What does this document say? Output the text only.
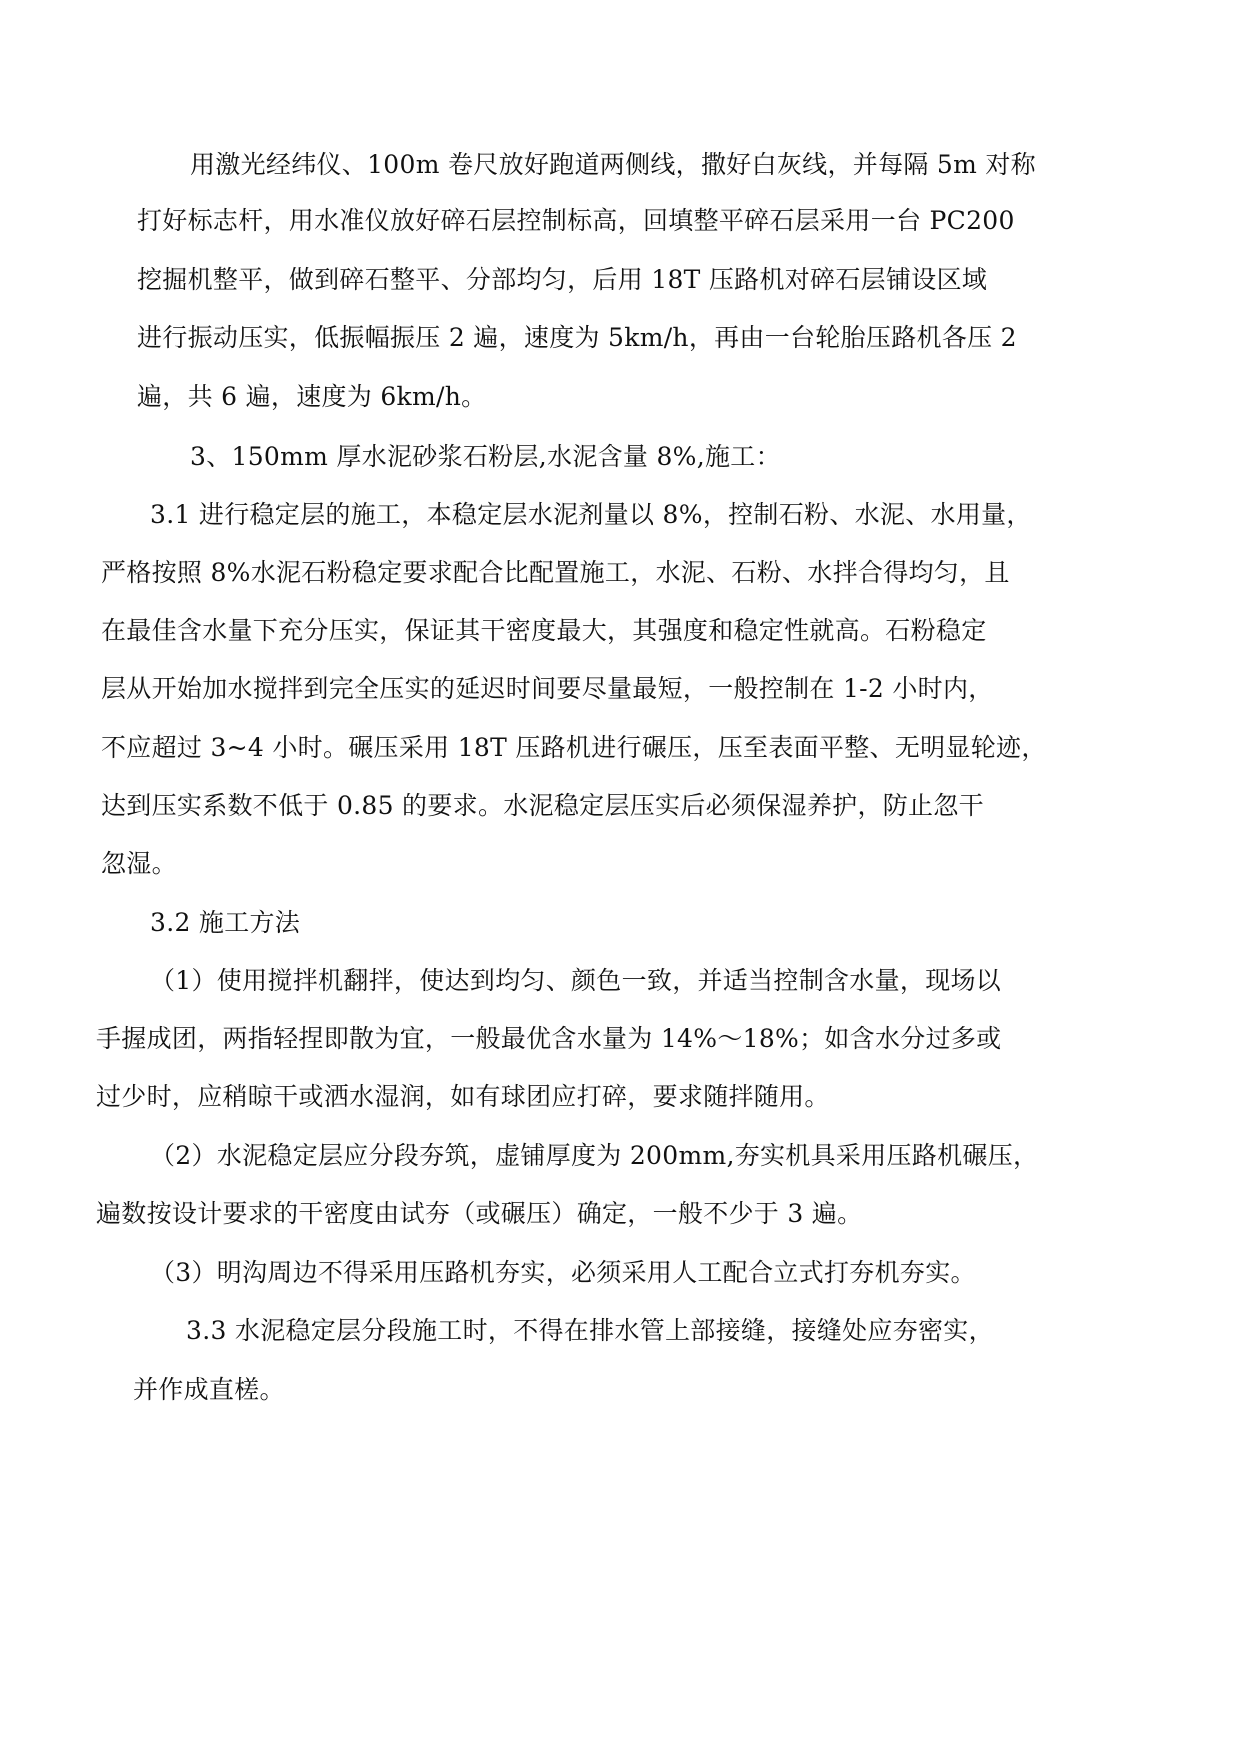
用激光经纬仪、100m 卷尺放好跑道两侧线，撒好白灰线，并每隔 5m 对称
打好标志杆，用水准仪放好碎石层控制标高，回填整平碎石层采用一台 PC200
挖掘机整平，做到碎石整平、分部均匀，后用 18T 压路机对碎石层铺设区域
进行振动压实，低振幅振压 2 遍，速度为 5km/h，再由一台轮胎压路机各压 2
遍，共 6 遍，速度为 6km/h。
3、150mm 厚水泥砂浆石粉层,水泥含量 8%,施工：
3.1 进行稳定层的施工，本稳定层水泥剂量以 8%，控制石粉、水泥、水用量，
严格按照 8%水泥石粉稳定要求配合比配置施工，水泥、石粉、水拌合得均匀，且
在最佳含水量下充分压实，保证其干密度最大，其强度和稳定性就高。石粉稳定
层从开始加水搅拌到完全压实的延迟时间要尽量最短，一般控制在 1-2 小时内，
不应超过 3~4 小时。碾压采用 18T 压路机进行碾压，压至表面平整、无明显轮迹，
达到压实系数不低于 0.85 的要求。水泥稳定层压实后必须保湿养护，防止忽干
忽湿。
3.2 施工方法
（1）使用搅拌机翻拌，使达到均匀、颜色一致，并适当控制含水量，现场以
手握成团，两指轻捏即散为宜，一般最优含水量为 14%～18%；如含水分过多或
过少时，应稍晾干或洒水湿润，如有球团应打碎，要求随拌随用。
（2）水泥稳定层应分段夯筑，虚铺厚度为 200mm,夯实机具采用压路机碾压，
遍数按设计要求的干密度由试夯（或碾压）确定，一般不少于 3 遍。
（3）明沟周边不得采用压路机夯实，必须采用人工配合立式打夯机夯实。
3.3 水泥稳定层分段施工时，不得在排水管上部接缝，接缝处应夯密实，
并作成直槎。
